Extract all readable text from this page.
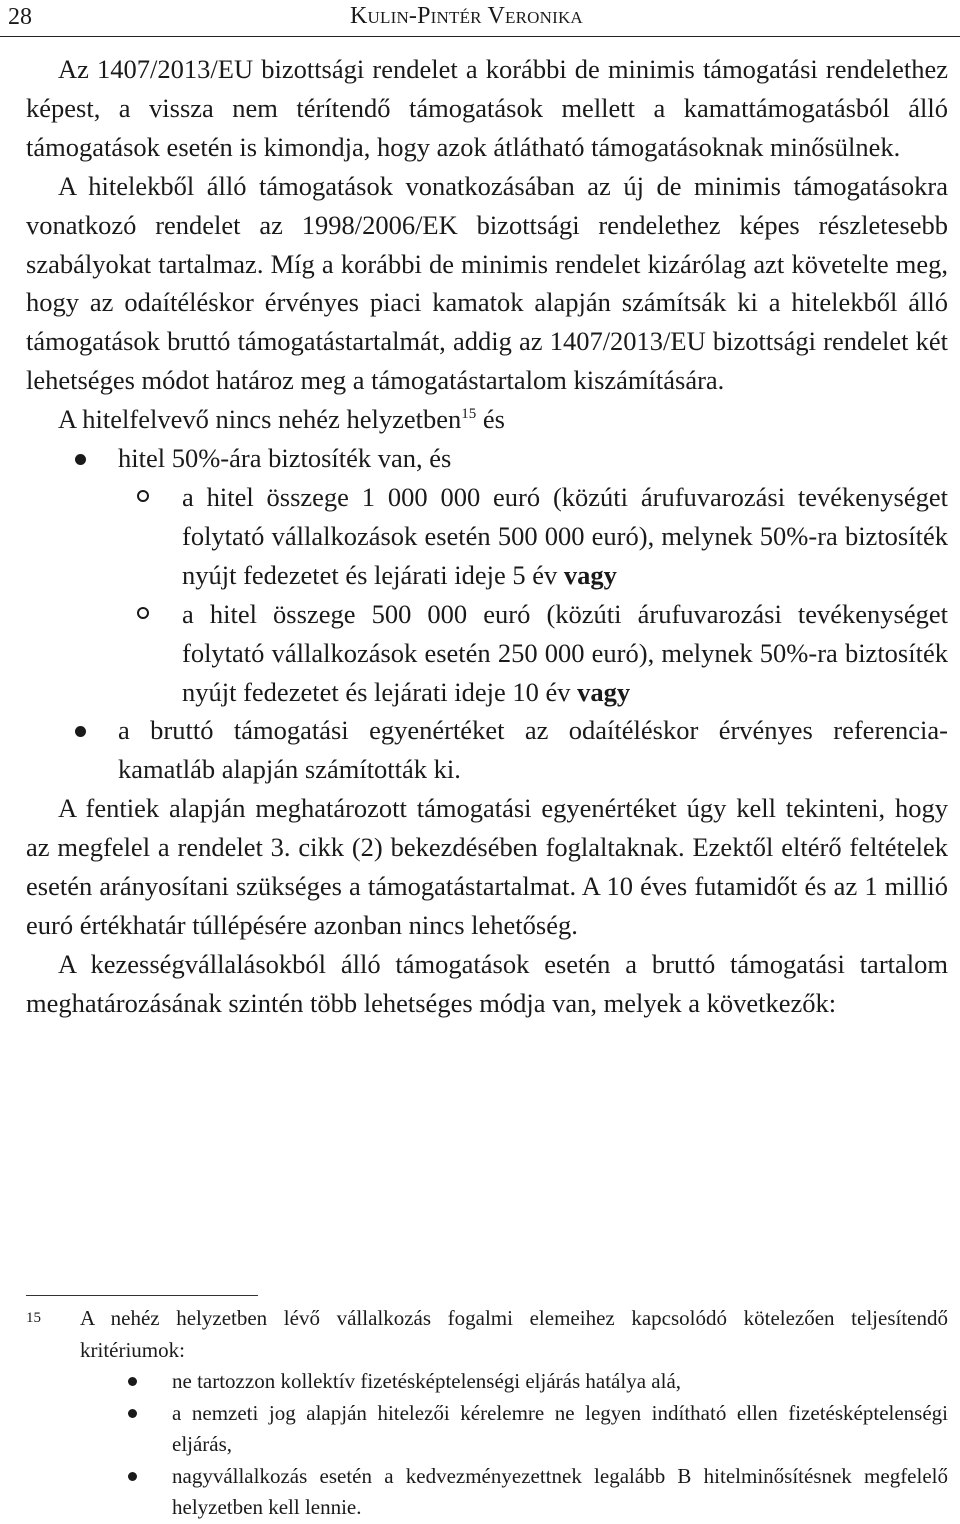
28	Kulin-Pintér Veronika

Az 1407/2013/EU bizottsági rendelet a korábbi de minimis támogatási rendelethez képest, a vissza nem térítendő támogatások mellett a kamattámogatásból álló támogatások esetén is kimondja, hogy azok átlátható támogatásoknak minősülnek.

A hitelekből álló támogatások vonatkozásában az új de minimis támogatásokra vonatkozó rendelet az 1998/2006/EK bizottsági rendelethez képes részletesebb szabályokat tartalmaz. Míg a korábbi de minimis rendelet kizárólag azt követelte meg, hogy az odaítéléskor érvényes piaci kamatok alapján számítsák ki a hitelekből álló támogatások bruttó támogatástartalmát, addig az 1407/2013/EU bizottsági rendelet két lehetséges módot határoz meg a támogatástartalom kiszámítására.

A hitelfelvevő nincs nehéz helyzetben$^{15}$ és

hitel 50%-ára biztosíték van, és
a hitel összege 1 000 000 euró (közúti árufuvarozási tevékenységet folytató vállalkozások esetén 500 000 euró), melynek 50%-ra biztosíték nyújt fedezetet és lejárati ideje 5 év vagy
a hitel összege 500 000 euró (közúti árufuvarozási tevékenységet folytató vállalkozások esetén 250 000 euró), melynek 50%-ra biztosíték nyújt fedezetet és lejárati ideje 10 év vagy
a bruttó támogatási egyenértéket az odaítéléskor érvényes referencia-kamatláb alapján számították ki.

A fentiek alapján meghatározott támogatási egyenértéket úgy kell tekinteni, hogy az megfelel a rendelet 3. cikk (2) bekezdésében foglaltaknak. Ezektől eltérő feltételek esetén arányosítani szükséges a támogatástartalmat. A 10 éves futamidőt és az 1 millió euró értékhatár túllépésére azonban nincs lehetőség.

A kezességvállalásokból álló támogatások esetén a bruttó támogatási tartalom meghatározásának szintén több lehetséges módja van, melyek a következők:

15 A nehéz helyzetben lévő vállalkozás fogalmi elemeihez kapcsolódó kötelezően teljesítendő kritériumok:

ne tartozzon kollektív fizetésképtelenségi eljárás hatálya alá,
a nemzeti jog alapján hitelezői kérelemre ne legyen indítható ellen fizetésképtelenségi eljárás,
nagyvállalkozás esetén a kedvezményezettnek legalább B hitelminősítésnek megfelelő helyzetben kell lennie.
